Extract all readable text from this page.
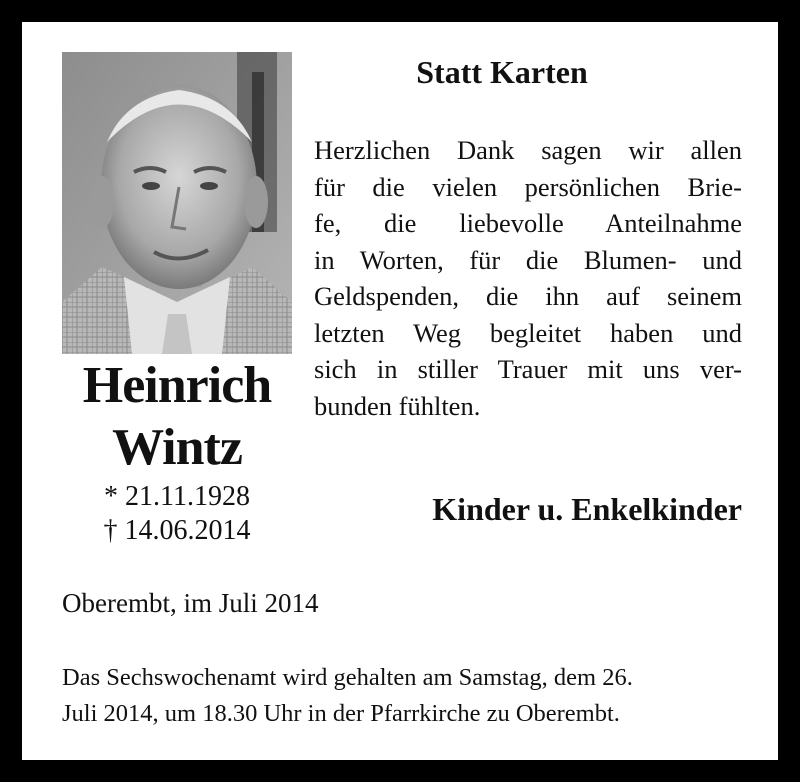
Heinrich
Wintz
* 21.11.1928
† 14.06.2014
Statt Karten
Herzlichen Dank sagen wir allen
für die vielen persönlichen Brie-
fe, die liebevolle Anteilnahme
in Worten, für die Blumen- und
Geldspenden, die ihn auf seinem
letzten Weg begleitet haben und
sich in stiller Trauer mit uns ver-
bunden fühlten.
Kinder u. Enkelkinder
Oberembt, im Juli 2014
Das Sechswochenamt wird gehalten am Samstag, dem 26.
Juli 2014, um 18.30 Uhr in der Pfarrkirche zu Oberembt.
